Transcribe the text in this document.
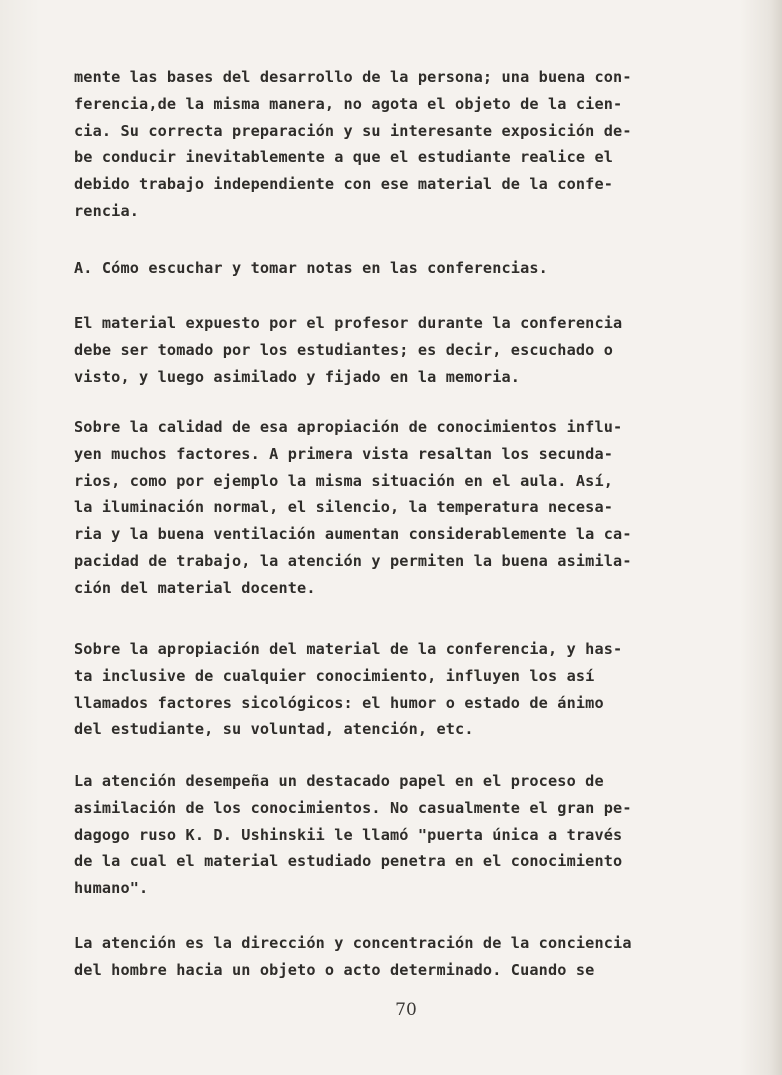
mente las bases del desarrollo de la persona; una buena con-
ferencia,de la misma manera, no agota el objeto de la cien-
cia. Su correcta preparación y su interesante exposición de-
be conducir inevitablemente a que el estudiante realice el
debido trabajo independiente con ese material de la confe-
rencia.
A. Cómo escuchar y tomar notas en las conferencias.
El material expuesto por el profesor durante la conferencia
debe ser tomado por los estudiantes; es decir, escuchado o
visto, y luego asimilado y fijado en la memoria.
Sobre la calidad de esa apropiación de conocimientos influ-
yen muchos factores. A primera vista resaltan los secunda-
rios, como por ejemplo la misma situación en el aula. Así,
la iluminación normal, el silencio, la temperatura necesa-
ria y la buena ventilación aumentan considerablemente la ca-
pacidad de trabajo, la atención y permiten la buena asimila-
ción del material docente.
Sobre la apropiación del material de la conferencia, y has-
ta inclusive de cualquier conocimiento, influyen los así
llamados factores sicológicos: el humor o estado de ánimo
del estudiante, su voluntad, atención, etc.
La atención desempeña un destacado papel en el proceso de
asimilación de los conocimientos. No casualmente el gran pe-
dagogo ruso K. D. Ushinskii le llamó "puerta única a través
de la cual el material estudiado penetra en el conocimiento
humano".
La atención es la dirección y concentración de la conciencia
del hombre hacia un objeto o acto determinado. Cuando se
70
